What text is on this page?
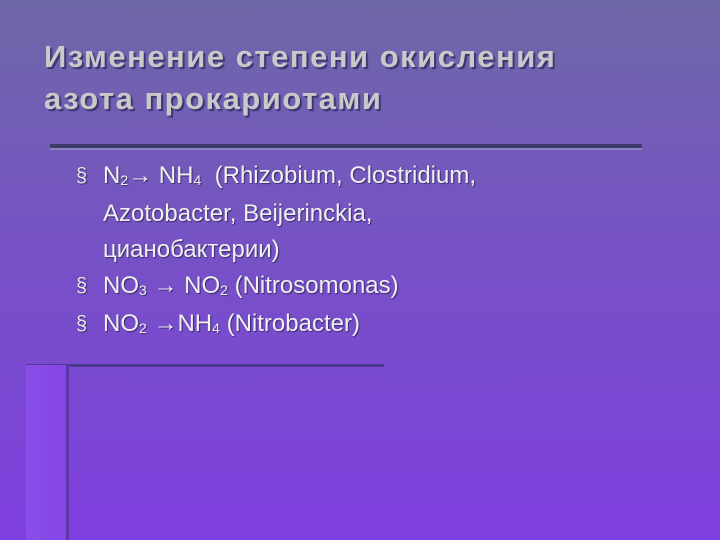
Изменение степени окисления
азота прокариотами
§ $N_2\to NH_4$  (Rhizobium, Clostridium,
Azotobacter, Beijerinckia,
цианобактерии)
§ $NO_3 \to NO_2$ (Nitrosomonas)
§ $NO_2 \to NH_4$ (Nitrobacter)
